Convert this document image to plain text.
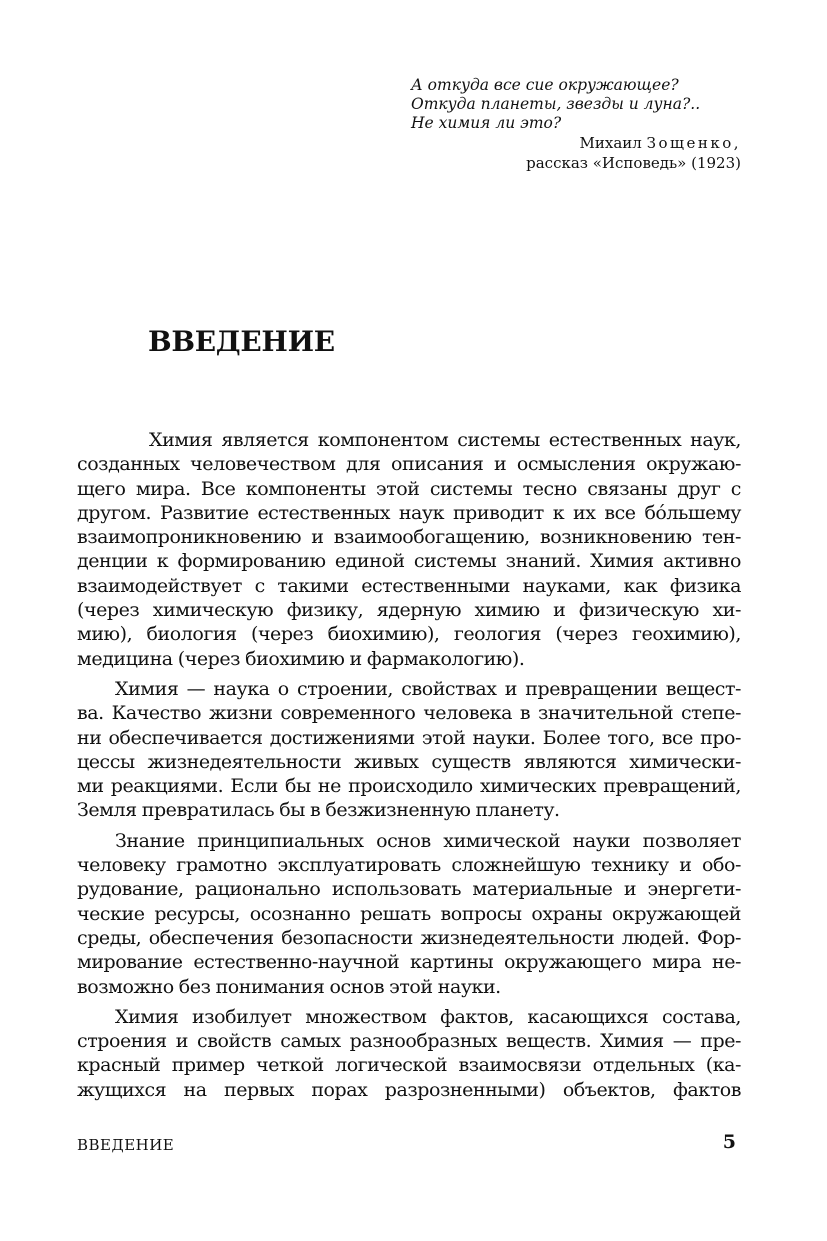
А откуда все сие окружающее?
Откуда планеты, звезды и луна?..
Не химия ли это?
Михаил Зощенко,
рассказ «Исповедь» (1923)
ВВЕДЕНИЕ
Химия является компонентом системы естественных наук,
созданных человечеством для описания и осмысления окружаю-
щего мира. Все компоненты этой системы тесно связаны друг с
другом. Развитие естественных наук приводит к их все бóльшему
взаимопроникновению и взаимообогащению, возникновению тен-
денции к формированию единой системы знаний. Химия активно
взаимодействует с такими естественными науками, как физика
(через химическую физику, ядерную химию и физическую хи-
мию), биология (через биохимию), геология (через геохимию),
медицина (через биохимию и фармакологию).
Химия — наука о строении, свойствах и превращении вещест-
ва. Качество жизни современного человека в значительной степе-
ни обеспечивается достижениями этой науки. Более того, все про-
цессы жизнедеятельности живых существ являются химически-
ми реакциями. Если бы не происходило химических превращений,
Земля превратилась бы в безжизненную планету.
Знание принципиальных основ химической науки позволяет
человеку грамотно эксплуатировать сложнейшую технику и обо-
рудование, рационально использовать материальные и энергети-
ческие ресурсы, осознанно решать вопросы охраны окружающей
среды, обеспечения безопасности жизнедеятельности людей. Фор-
мирование естественно-научной картины окружающего мира не-
возможно без понимания основ этой науки.
Химия изобилует множеством фактов, касающихся состава,
строения и свойств самых разнообразных веществ. Химия — пре-
красный пример четкой логической взаимосвязи отдельных (ка-
жущихся на первых порах разрозненными) объектов, фактов
ВВЕДЕНИЕ	5
